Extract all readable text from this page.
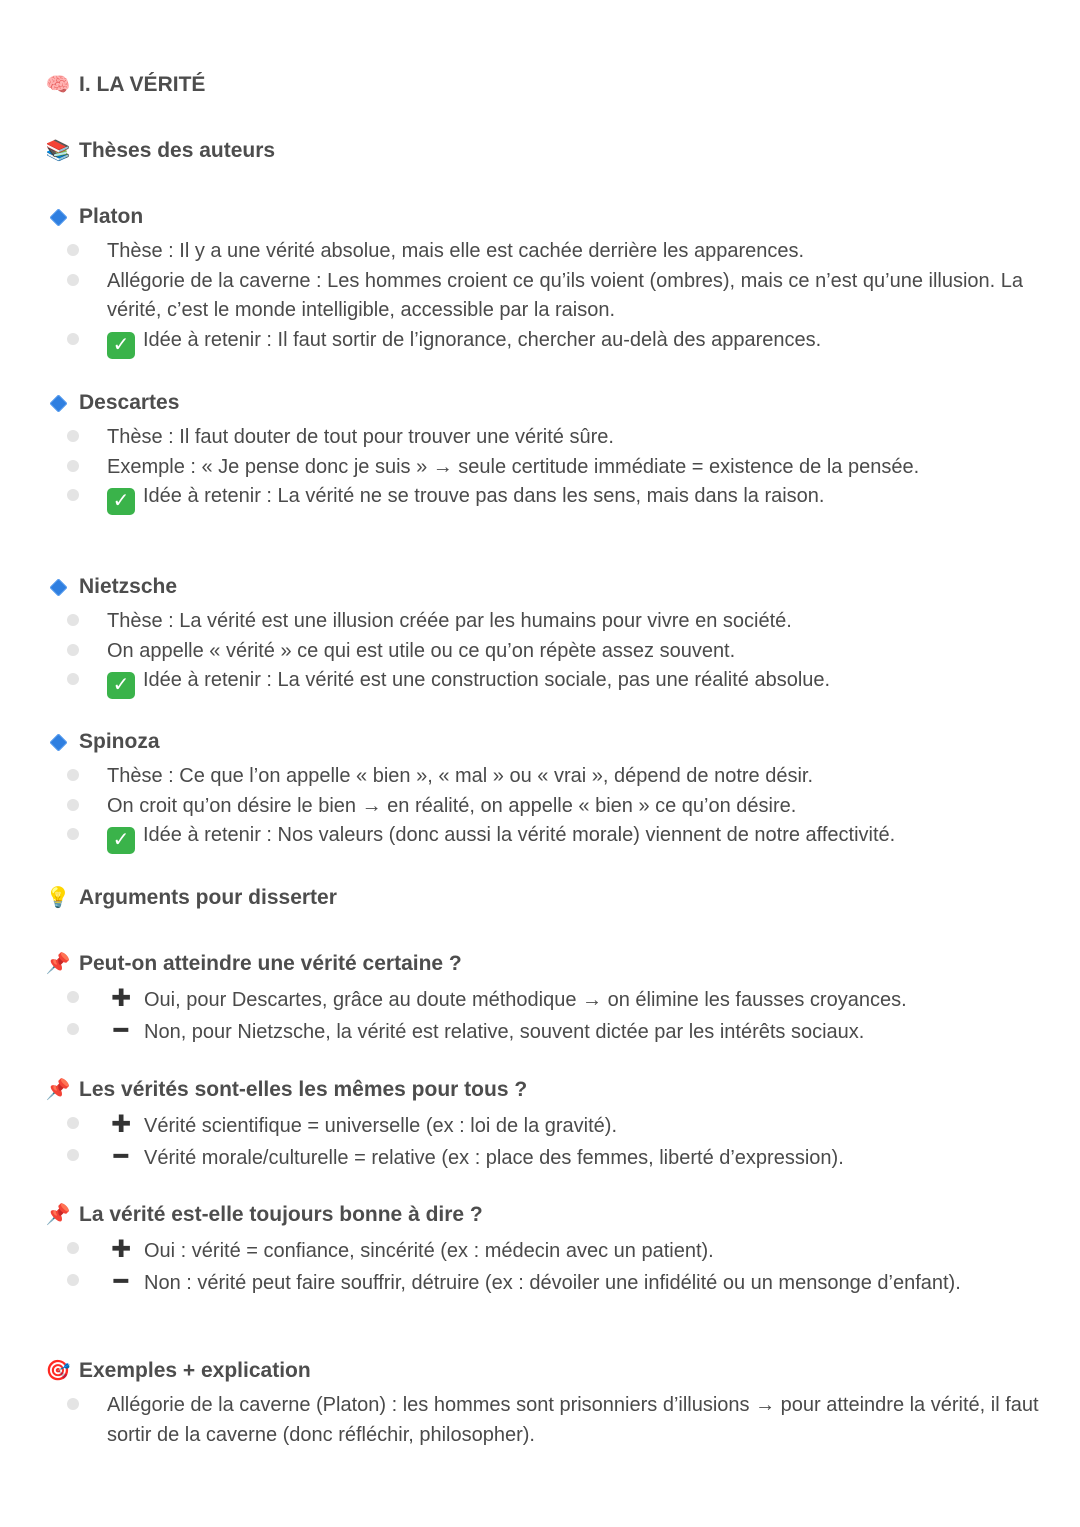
🧠 I. LA VÉRITÉ
📚 Thèses des auteurs
Platon
Thèse : Il y a une vérité absolue, mais elle est cachée derrière les apparences.
Allégorie de la caverne : Les hommes croient ce qu’ils voient (ombres), mais ce n’est qu’une illusion. La vérité, c’est le monde intelligible, accessible par la raison.
✓ Idée à retenir : Il faut sortir de l’ignorance, chercher au-delà des apparences.
Descartes
Thèse : Il faut douter de tout pour trouver une vérité sûre.
Exemple : « Je pense donc je suis » → seule certitude immédiate = existence de la pensée.
✓ Idée à retenir : La vérité ne se trouve pas dans les sens, mais dans la raison.
Nietzsche
Thèse : La vérité est une illusion créée par les humains pour vivre en société.
On appelle « vérité » ce qui est utile ou ce qu’on répète assez souvent.
✓ Idée à retenir : La vérité est une construction sociale, pas une réalité absolue.
Spinoza
Thèse : Ce que l’on appelle « bien », « mal » ou « vrai », dépend de notre désir.
On croit qu’on désire le bien → en réalité, on appelle « bien » ce qu’on désire.
✓ Idée à retenir : Nos valeurs (donc aussi la vérité morale) viennent de notre affectivité.
💡 Arguments pour disserter
📌 Peut-on atteindre une vérité certaine ?
✚ Oui, pour Descartes, grâce au doute méthodique → on élimine les fausses croyances.
━ Non, pour Nietzsche, la vérité est relative, souvent dictée par les intérêts sociaux.
📌 Les vérités sont-elles les mêmes pour tous ?
✚ Vérité scientifique = universelle (ex : loi de la gravité).
━ Vérité morale/culturelle = relative (ex : place des femmes, liberté d’expression).
📌 La vérité est-elle toujours bonne à dire ?
✚ Oui : vérité = confiance, sincérité (ex : médecin avec un patient).
━ Non : vérité peut faire souffrir, détruire (ex : dévoiler une infidélité ou un mensonge d’enfant).
🎯 Exemples + explication
Allégorie de la caverne (Platon) : les hommes sont prisonniers d’illusions → pour atteindre la vérité, il faut sortir de la caverne (donc réfléchir, philosopher).
